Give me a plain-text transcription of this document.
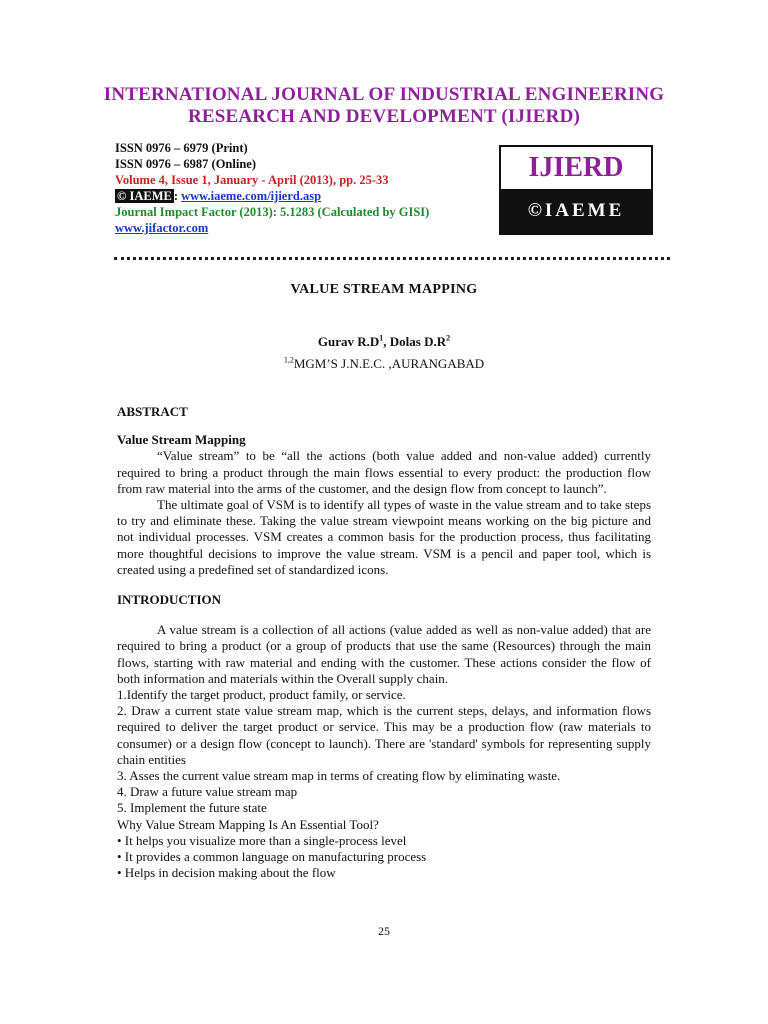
INTERNATIONAL JOURNAL OF INDUSTRIAL ENGINEERING
RESEARCH AND DEVELOPMENT (IJIERD)
ISSN 0976 – 6979 (Print)
ISSN 0976 – 6987 (Online)
Volume 4, Issue 1, January - April (2013), pp. 25-33
© IAEME : www.iaeme.com/ijierd.asp
Journal Impact Factor (2013): 5.1283 (Calculated by GISI)
www.jifactor.com
IJIERD
©IAEME
VALUE STREAM MAPPING
Gurav $R.D^1$, Dolas $D.R^2$
$^{1,2}$MGM’S J.N.E.C. ,AURANGABAD
ABSTRACT
Value Stream Mapping

“Value stream” to be “all the actions (both value added and non-value added) currently required to bring a product through the main flows essential to every product: the production flow from raw material into the arms of the customer, and the design flow from concept to launch”.

The ultimate goal of VSM is to identify all types of waste in the value stream and to take steps to try and eliminate these. Taking the value stream viewpoint means working on the big picture and not individual processes. VSM creates a common basis for the production process, thus facilitating more thoughtful decisions to improve the value stream. VSM is a pencil and paper tool, which is created using a predefined set of standardized icons.

INTRODUCTION

A value stream is a collection of all actions (value added as well as non-value added) that are required to bring a product (or a group of products that use the same (Resources) through the main flows, starting with raw material and ending with the customer. These actions consider the flow of both information and materials within the Overall supply chain.

1.Identify the target product, product family, or service.

2. Draw a current state value stream map, which is the current steps, delays, and information flows required to deliver the target product or service. This may be a production flow (raw materials to consumer) or a design flow (concept to launch). There are 'standard' symbols for representing supply chain entities

3. Asses the current value stream map in terms of creating flow by eliminating waste.

4. Draw a future value stream map

5. Implement the future state

Why Value Stream Mapping Is An Essential Tool?

• It helps you visualize more than a single-process level

• It provides a common language on manufacturing process

• Helps in decision making about the flow

25
